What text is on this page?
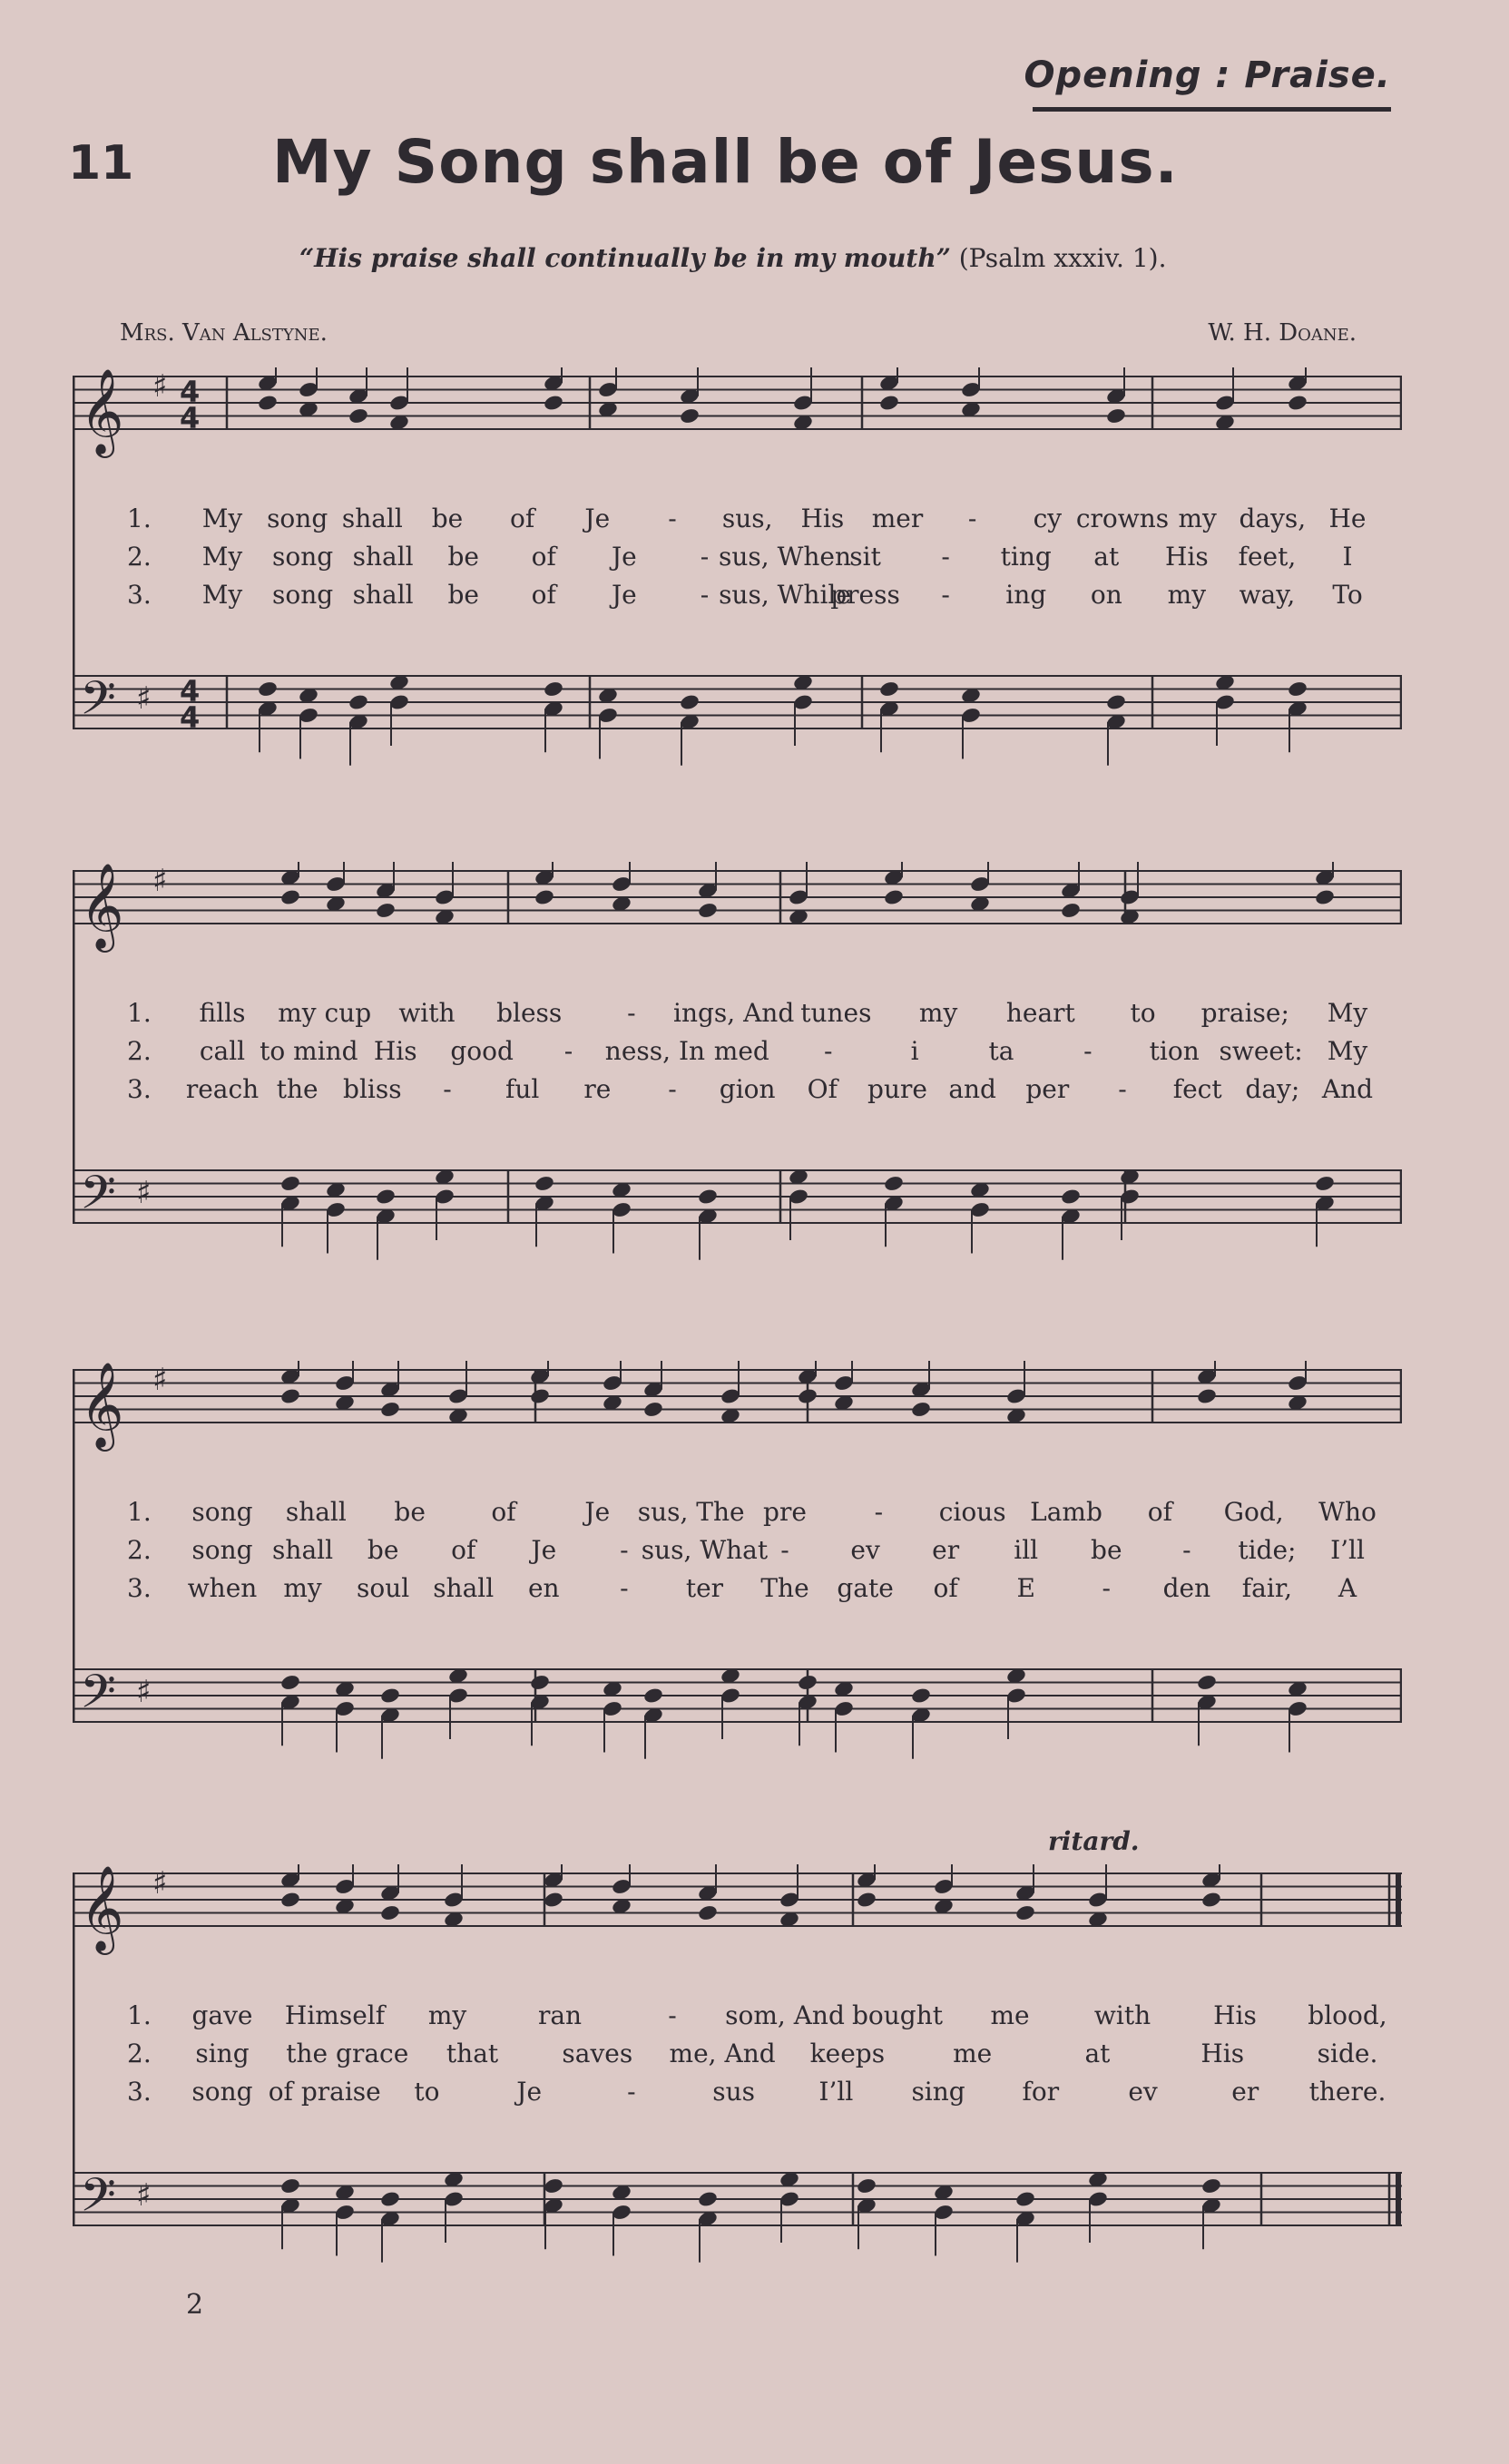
Opening : Praise.
11 My Song shall be of Jesus.
“His praise shall continually be in my mouth” (Psalm xxxiv. 1).
Mrs. Van Alstyne.	W. H. Doane.
𝄞
𝄢
♯
♯
4
4
4
4
1. My song shall be of Je - sus, His mer - cy crowns my days, He
2. My song shall be of Je - sus, When
sit - ting at His feet, I
3. My song shall be of Je - sus, While
press - ing on my way, To
𝄞
𝄢
♯
♯
1. fills my cup with bless	- ings, And tunes my heart to praise; My
2. call to mind His good - ness, In med -	i	ta	- tion sweet: My
3. reach the bliss - ful re - gion Of pure and per - fect day; And
𝄞
𝄢
♯
♯
1. song shall be	of	Je sus, The pre	- cious Lamb of God, Who
2. song shall be of Je - sus, What - ev er ill be - tide; I’ll
3. when my soul shall en - ter The gate of E	- den fair, A
𝄞
𝄢
♯
♯
ritard.
1. gave Himself my	ran	- som, And bought me	with His blood,
2. sing the grace that	saves me, And keeps	me	at	His	side.
3. song of praise to	Je	-	sus	I’ll sing for	ev	er there.
2
